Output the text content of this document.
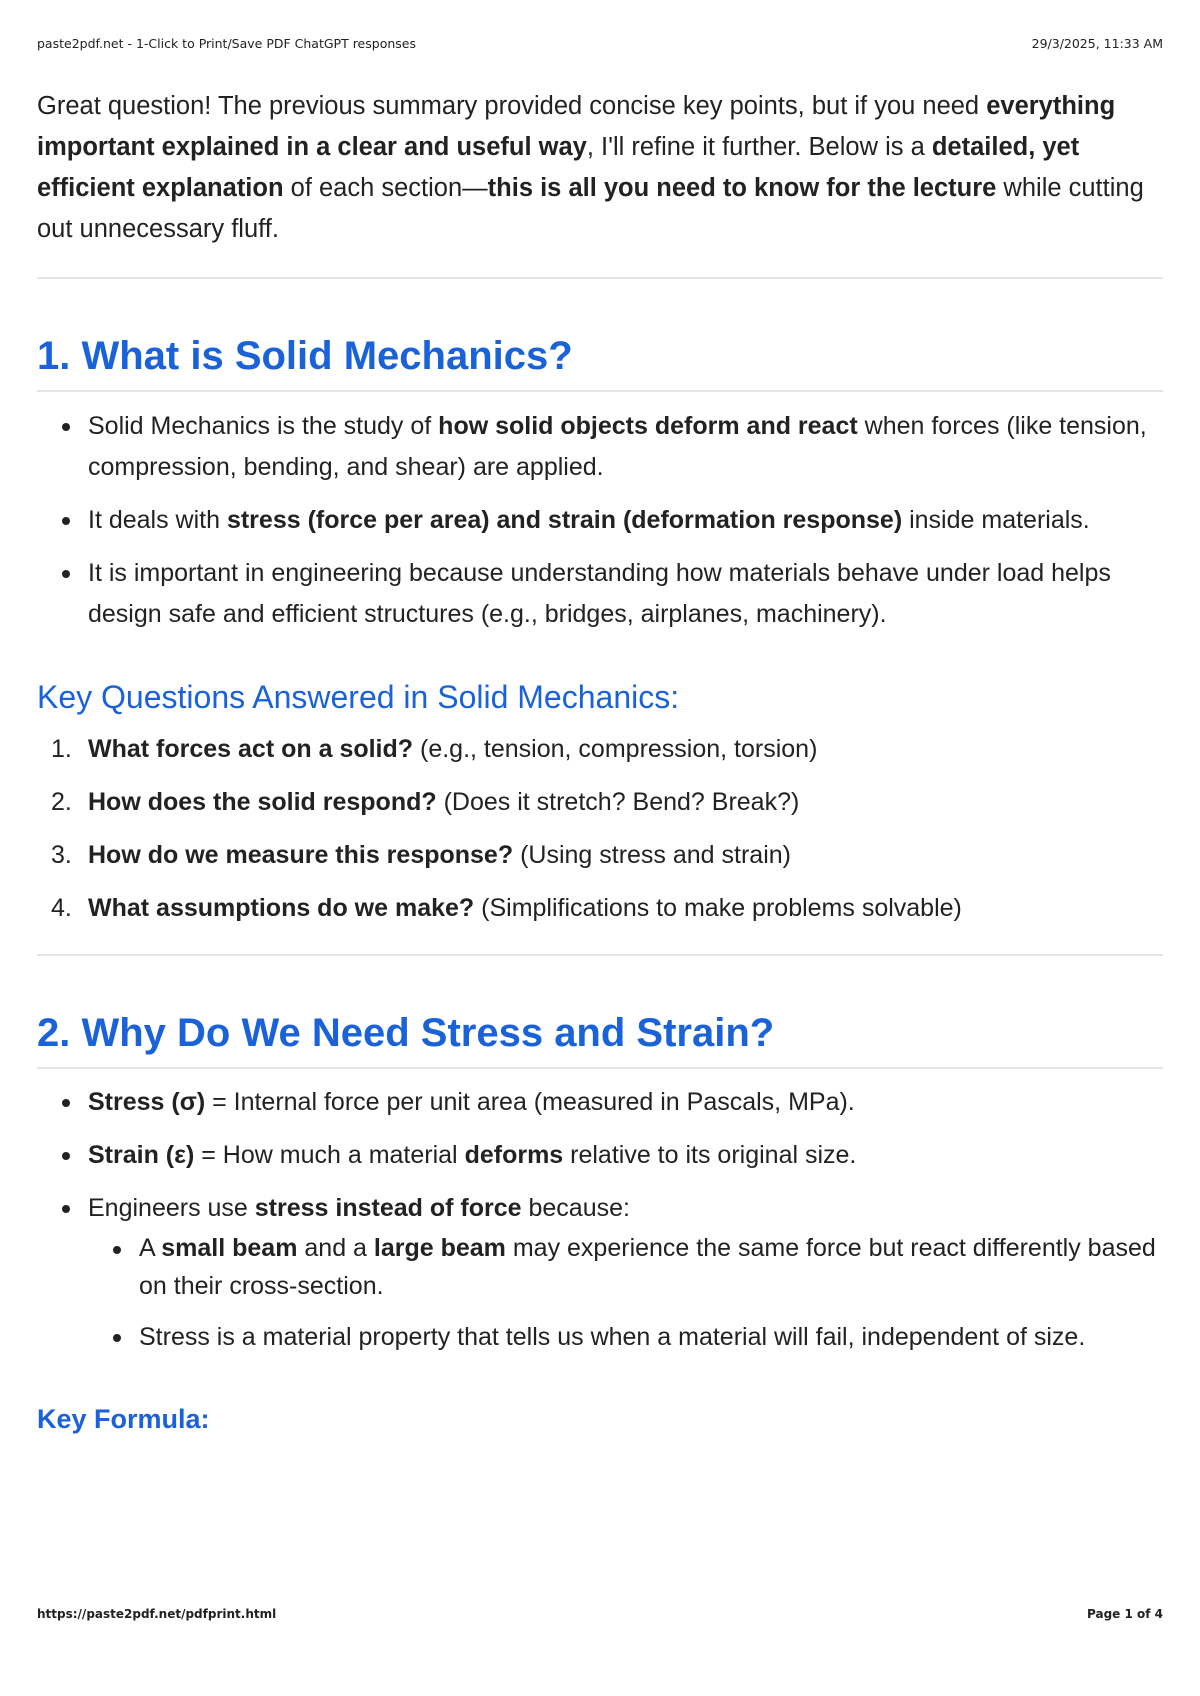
paste2pdf.net - 1-Click to Print/Save PDF ChatGPT responses	29/3/2025, 11:33 AM

Great question! The previous summary provided concise key points, but if you need everything important explained in a clear and useful way, I'll refine it further. Below is a detailed, yet efficient explanation of each section—this is all you need to know for the lecture while cutting out unnecessary fluff.

1. What is Solid Mechanics?
Solid Mechanics is the study of how solid objects deform and react when forces (like tension, compression, bending, and shear) are applied.
It deals with stress (force per area) and strain (deformation response) inside materials.
It is important in engineering because understanding how materials behave under load helps design safe and efficient structures (e.g., bridges, airplanes, machinery).
Key Questions Answered in Solid Mechanics:
1. What forces act on a solid? (e.g., tension, compression, torsion)
2. How does the solid respond? (Does it stretch? Bend? Break?)
3. How do we measure this response? (Using stress and strain)
4. What assumptions do we make? (Simplifications to make problems solvable)
2. Why Do We Need Stress and Strain?
Stress (σ) = Internal force per unit area (measured in Pascals, MPa).
Strain (ε) = How much a material deforms relative to its original size.
Engineers use stress instead of force because:
A small beam and a large beam may experience the same force but react differently based on their cross-section.
Stress is a material property that tells us when a material will fail, independent of size.
Key Formula:
https://paste2pdf.net/pdfprint.html	Page 1 of 4
